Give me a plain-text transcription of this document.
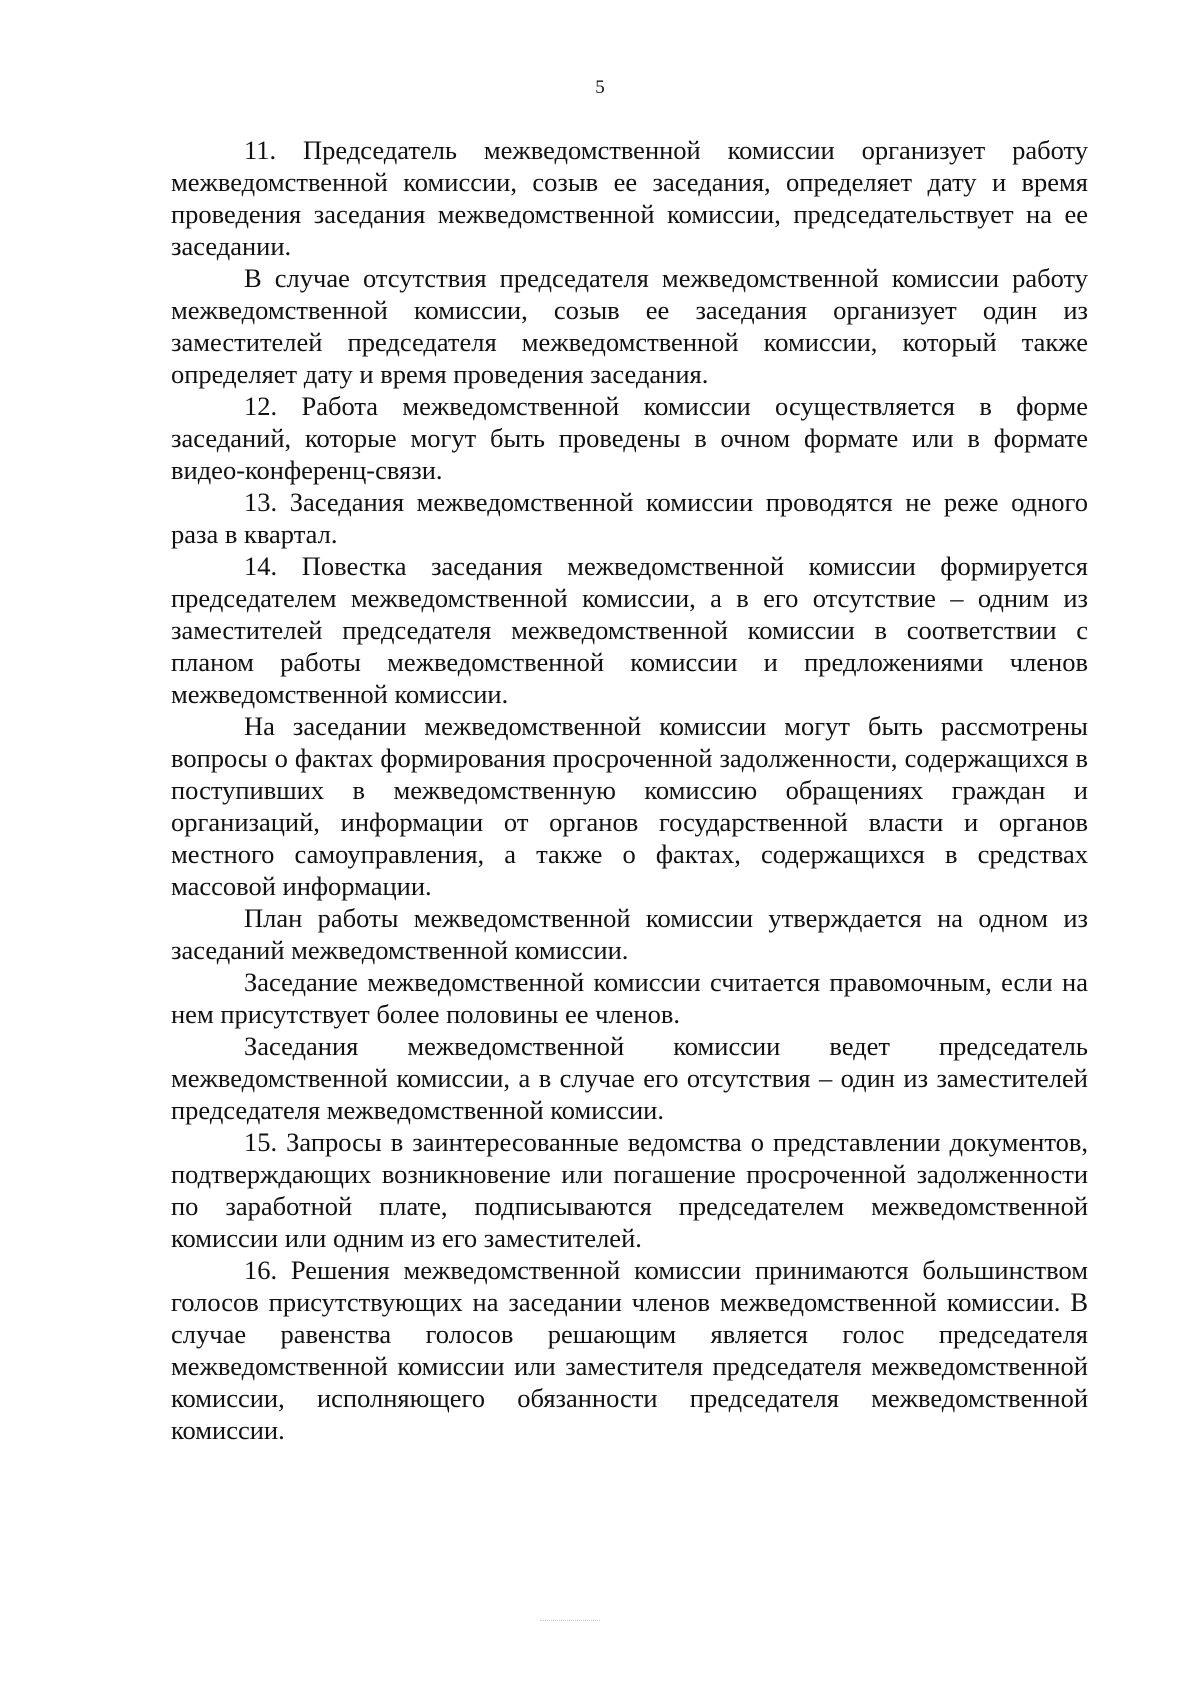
5

11. Председатель межведомственной комиссии организует работу межведомственной комиссии, созыв ее заседания, определяет дату и время проведения заседания межведомственной комиссии, председательствует на ее заседании.

В случае отсутствия председателя межведомственной комиссии работу межведомственной комиссии, созыв ее заседания организует один из заместителей председателя межведомственной комиссии, который также определяет дату и время проведения заседания.

12. Работа межведомственной комиссии осуществляется в форме заседаний, которые могут быть проведены в очном формате или в формате видео-конференц-связи.

13. Заседания межведомственной комиссии проводятся не реже одного раза в квартал.

14. Повестка заседания межведомственной комиссии формируется председателем межведомственной комиссии, а в его отсутствие – одним из заместителей председателя межведомственной комиссии в соответствии с планом работы межведомственной комиссии и предложениями членов межведомственной комиссии.

На заседании межведомственной комиссии могут быть рассмотрены вопросы о фактах формирования просроченной задолженности, содержащихся в поступивших в межведомственную комиссию обращениях граждан и организаций, информации от органов государственной власти и органов местного самоуправления, а также о фактах, содержащихся в средствах массовой информации.

План работы межведомственной комиссии утверждается на одном из заседаний межведомственной комиссии.

Заседание межведомственной комиссии считается правомочным, если на нем присутствует более половины ее членов.

Заседания межведомственной комиссии ведет председатель межведомственной комиссии, а в случае его отсутствия – один из заместителей председателя межведомственной комиссии.

15. Запросы в заинтересованные ведомства о представлении документов, подтверждающих возникновение или погашение просроченной задолженности по заработной плате, подписываются председателем межведомственной комиссии или одним из его заместителей.

16. Решения межведомственной комиссии принимаются большинством голосов присутствующих на заседании членов межведомственной комиссии. В случае равенства голосов решающим является голос председателя межведомственной комиссии или заместителя председателя межведомственной комиссии, исполняющего обязанности председателя межведомственной комиссии.
